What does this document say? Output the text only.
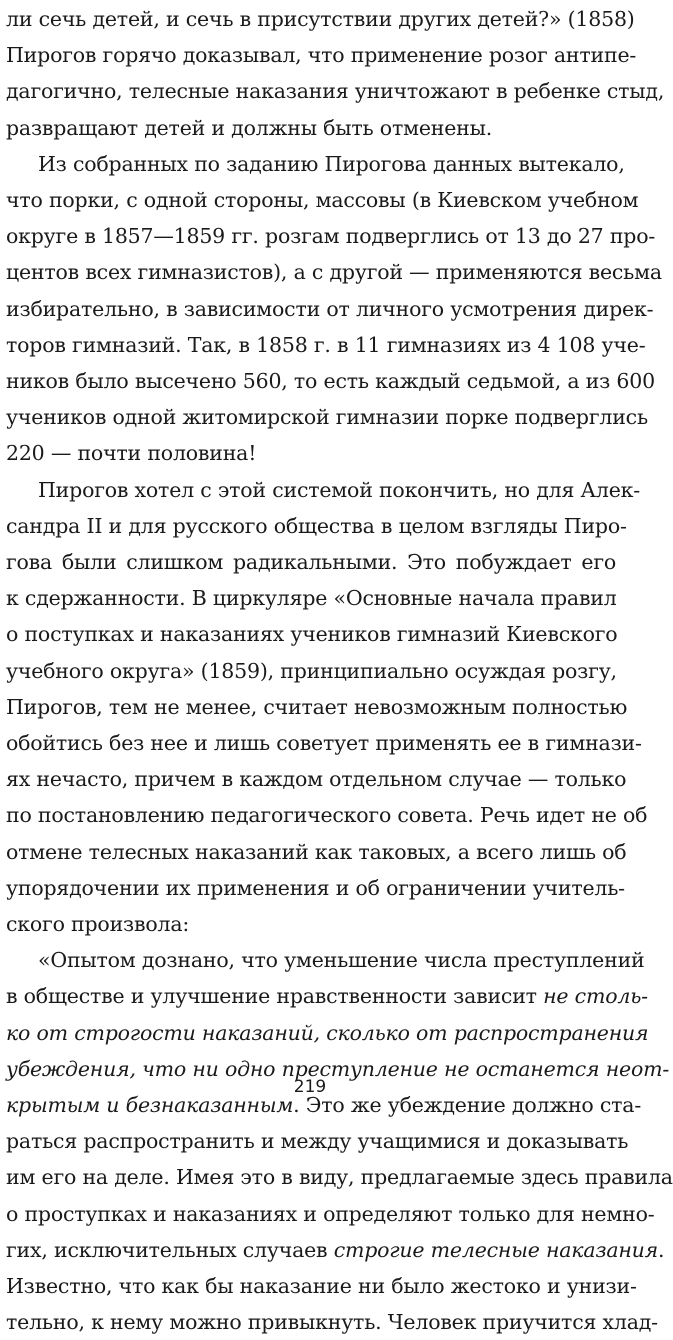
ли сечь детей, и сечь в присутствии других детей?» (1858)
Пирогов горячо доказывал, что применение розог антипе-
дагогично, телесные наказания уничтожают в ребенке стыд,
развращают детей и должны быть отменены.
Из собранных по заданию Пирогова данных вытекало,
что порки, с одной стороны, массовы (в Киевском учебном
округе в 1857—1859 гг. розгам подверглись от 13 до 27 про-
центов всех гимназистов), а с другой — применяются весьма
избирательно, в зависимости от личного усмотрения дирек-
торов гимназий. Так, в 1858 г. в 11 гимназиях из 4 108 уче-
ников было высечено 560, то есть каждый седьмой, а из 600
учеников одной житомирской гимназии порке подверглись
220 — почти половина!
Пирогов хотел с этой системой покончить, но для Алек-
сандра II и для русского общества в целом взгляды Пиро-
гова были слишком радикальными. Это побуждает его
к сдержанности. В циркуляре «Основные начала правил
о поступках и наказаниях учеников гимназий Киевского
учебного округа» (1859), принципиально осуждая розгу,
Пирогов, тем не менее, считает невозможным полностью
обойтись без нее и лишь советует применять ее в гимнази-
ях нечасто, причем в каждом отдельном случае — только
по постановлению педагогического совета. Речь идет не об
отмене телесных наказаний как таковых, а всего лишь об
упорядочении их применения и об ограничении учитель-
ского произвола:
«Опытом дознано, что уменьшение числа преступлений
в обществе и улучшение нравственности зависит не столь-
ко от строгости наказаний, сколько от распространения
убеждения, что ни одно преступление не останется неот-
крытым и безнаказанным. Это же убеждение должно ста-
раться распространить и между учащимися и доказывать
им его на деле. Имея это в виду, предлагаемые здесь правила
о проступках и наказаниях и определяют только для немно-
гих, исключительных случаев строгие телесные наказания.
Известно, что как бы наказание ни было жестоко и унизи-
тельно, к нему можно привыкнуть. Человек приучится хлад-
219
